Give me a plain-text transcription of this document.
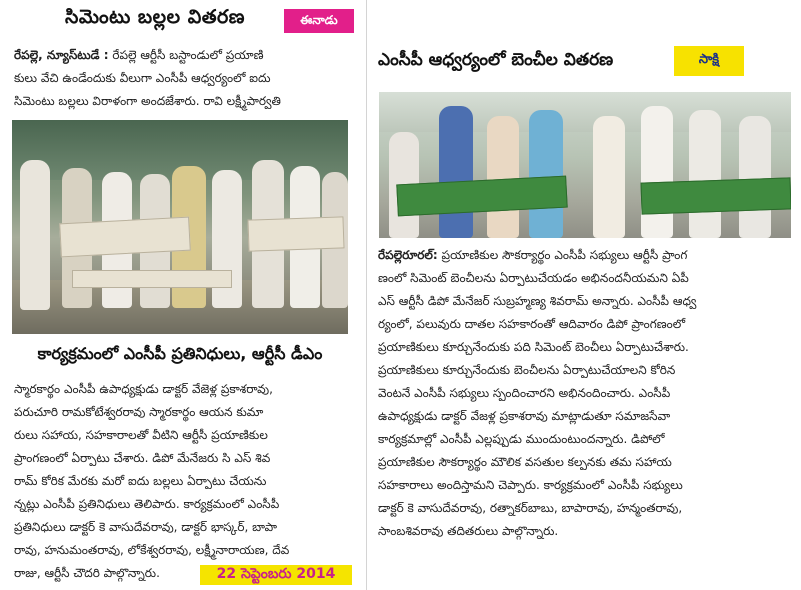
సిమెంటు బల్లల వితరణ	ఈనాడు
రేపల్లె, న్యూస్‌టుడే : రేపల్లె ఆర్టీసీ బస్టాండులో ప్రయాణి
కులు వేచి ఉండేందుకు వీలుగా ఎంసీపీ ఆధ్వర్యంలో ఐదు
సిమెంటు బల్లలు విరాళంగా అందజేశారు. రావి లక్ష్మీపార్వతి
కార్యక్రమంలో ఎంసీపీ ప్రతినిధులు, ఆర్టీసీ డీఎం
స్మారకార్థం ఎంసీపీ ఉపాధ్యక్షుడు డాక్టర్ వేజెళ్ల ప్రకాశరావు,
పరుచూరి రామకోటేశ్వరరావు స్మారకార్థం ఆయన కుమా
రులు సహాయ, సహకారాలతో వీటిని ఆర్టీసీ ప్రయాణికుల
ప్రాంగణంలో ఏర్పాటు చేశారు. డిపో మేనేజరు సి ఎస్ శివ
రామ్ కోరిక మేరకు మరో ఐదు బల్లలు ఏర్పాటు చేయను
న్నట్లు ఎంసీపీ ప్రతినిధులు తెలిపారు. కార్యక్రమంలో ఎంసీపీ
ప్రతినిధులు డాక్టర్ కె వాసుదేవరావు, డాక్టర్ భాస్కర్, బాపా
రావు, హనుమంతరావు, లోకేశ్వరరావు, లక్ష్మీనారాయణ, దేవ
రాజు, ఆర్టీసీ చౌదరి పాల్గొన్నారు.	22 సెప్టెంబరు 2014
ఎంసీపీ ఆధ్వర్యంలో బెంచీల వితరణ	సాక్షి
రేపల్లెరూరల్: ప్రయాణికుల సౌకర్యార్థం ఎంసీపీ సభ్యులు ఆర్టీసీ ప్రాంగ
ణంలో సిమెంట్ బెంచీలను ఏర్పాటుచేయడం అభినందనీయమని ఏపీ
ఎస్ ఆర్టీసీ డిపో మేనేజర్ సుబ్రహ్మణ్య శివరామ్ అన్నారు. ఎంసీపీ ఆధ్వ
ర్యంలో, పలువురు దాతల సహకారంతో ఆదివారం డిపో ప్రాంగణంలో
ప్రయాణికులు కూర్చునేందుకు పది సిమెంట్ బెంచీలు ఏర్పాటుచేశారు.
ప్రయాణికులు కూర్చునేందుకు బెంచీలను ఏర్పాటుచేయాలని కోరిన
వెంటనే ఎంసీపీ సభ్యులు స్పందించారని అభినందించారు. ఎంసీపీ
ఉపాధ్యక్షుడు డాక్టర్ వేజళ్ల ప్రకాశరావు మాట్లాడుతూ సమాజసేవా
కార్యక్రమాల్లో ఎంసీపీ ఎల్లప్పుడు ముందుంటుందన్నారు. డిపోలో
ప్రయాణికుల సౌకర్యార్థం మౌలిక వసతుల కల్పనకు తమ సహాయ
సహకారాలు అందిస్తామని చెప్పారు. కార్యక్రమంలో ఎంసీపీ సభ్యులు
డాక్టర్ కె వాసుదేవరావు, రత్నాకర్‌బాబు, బాపారావు, హన్మంతరావు,
సాంబశివరావు తదితరులు పాల్గొన్నారు.
